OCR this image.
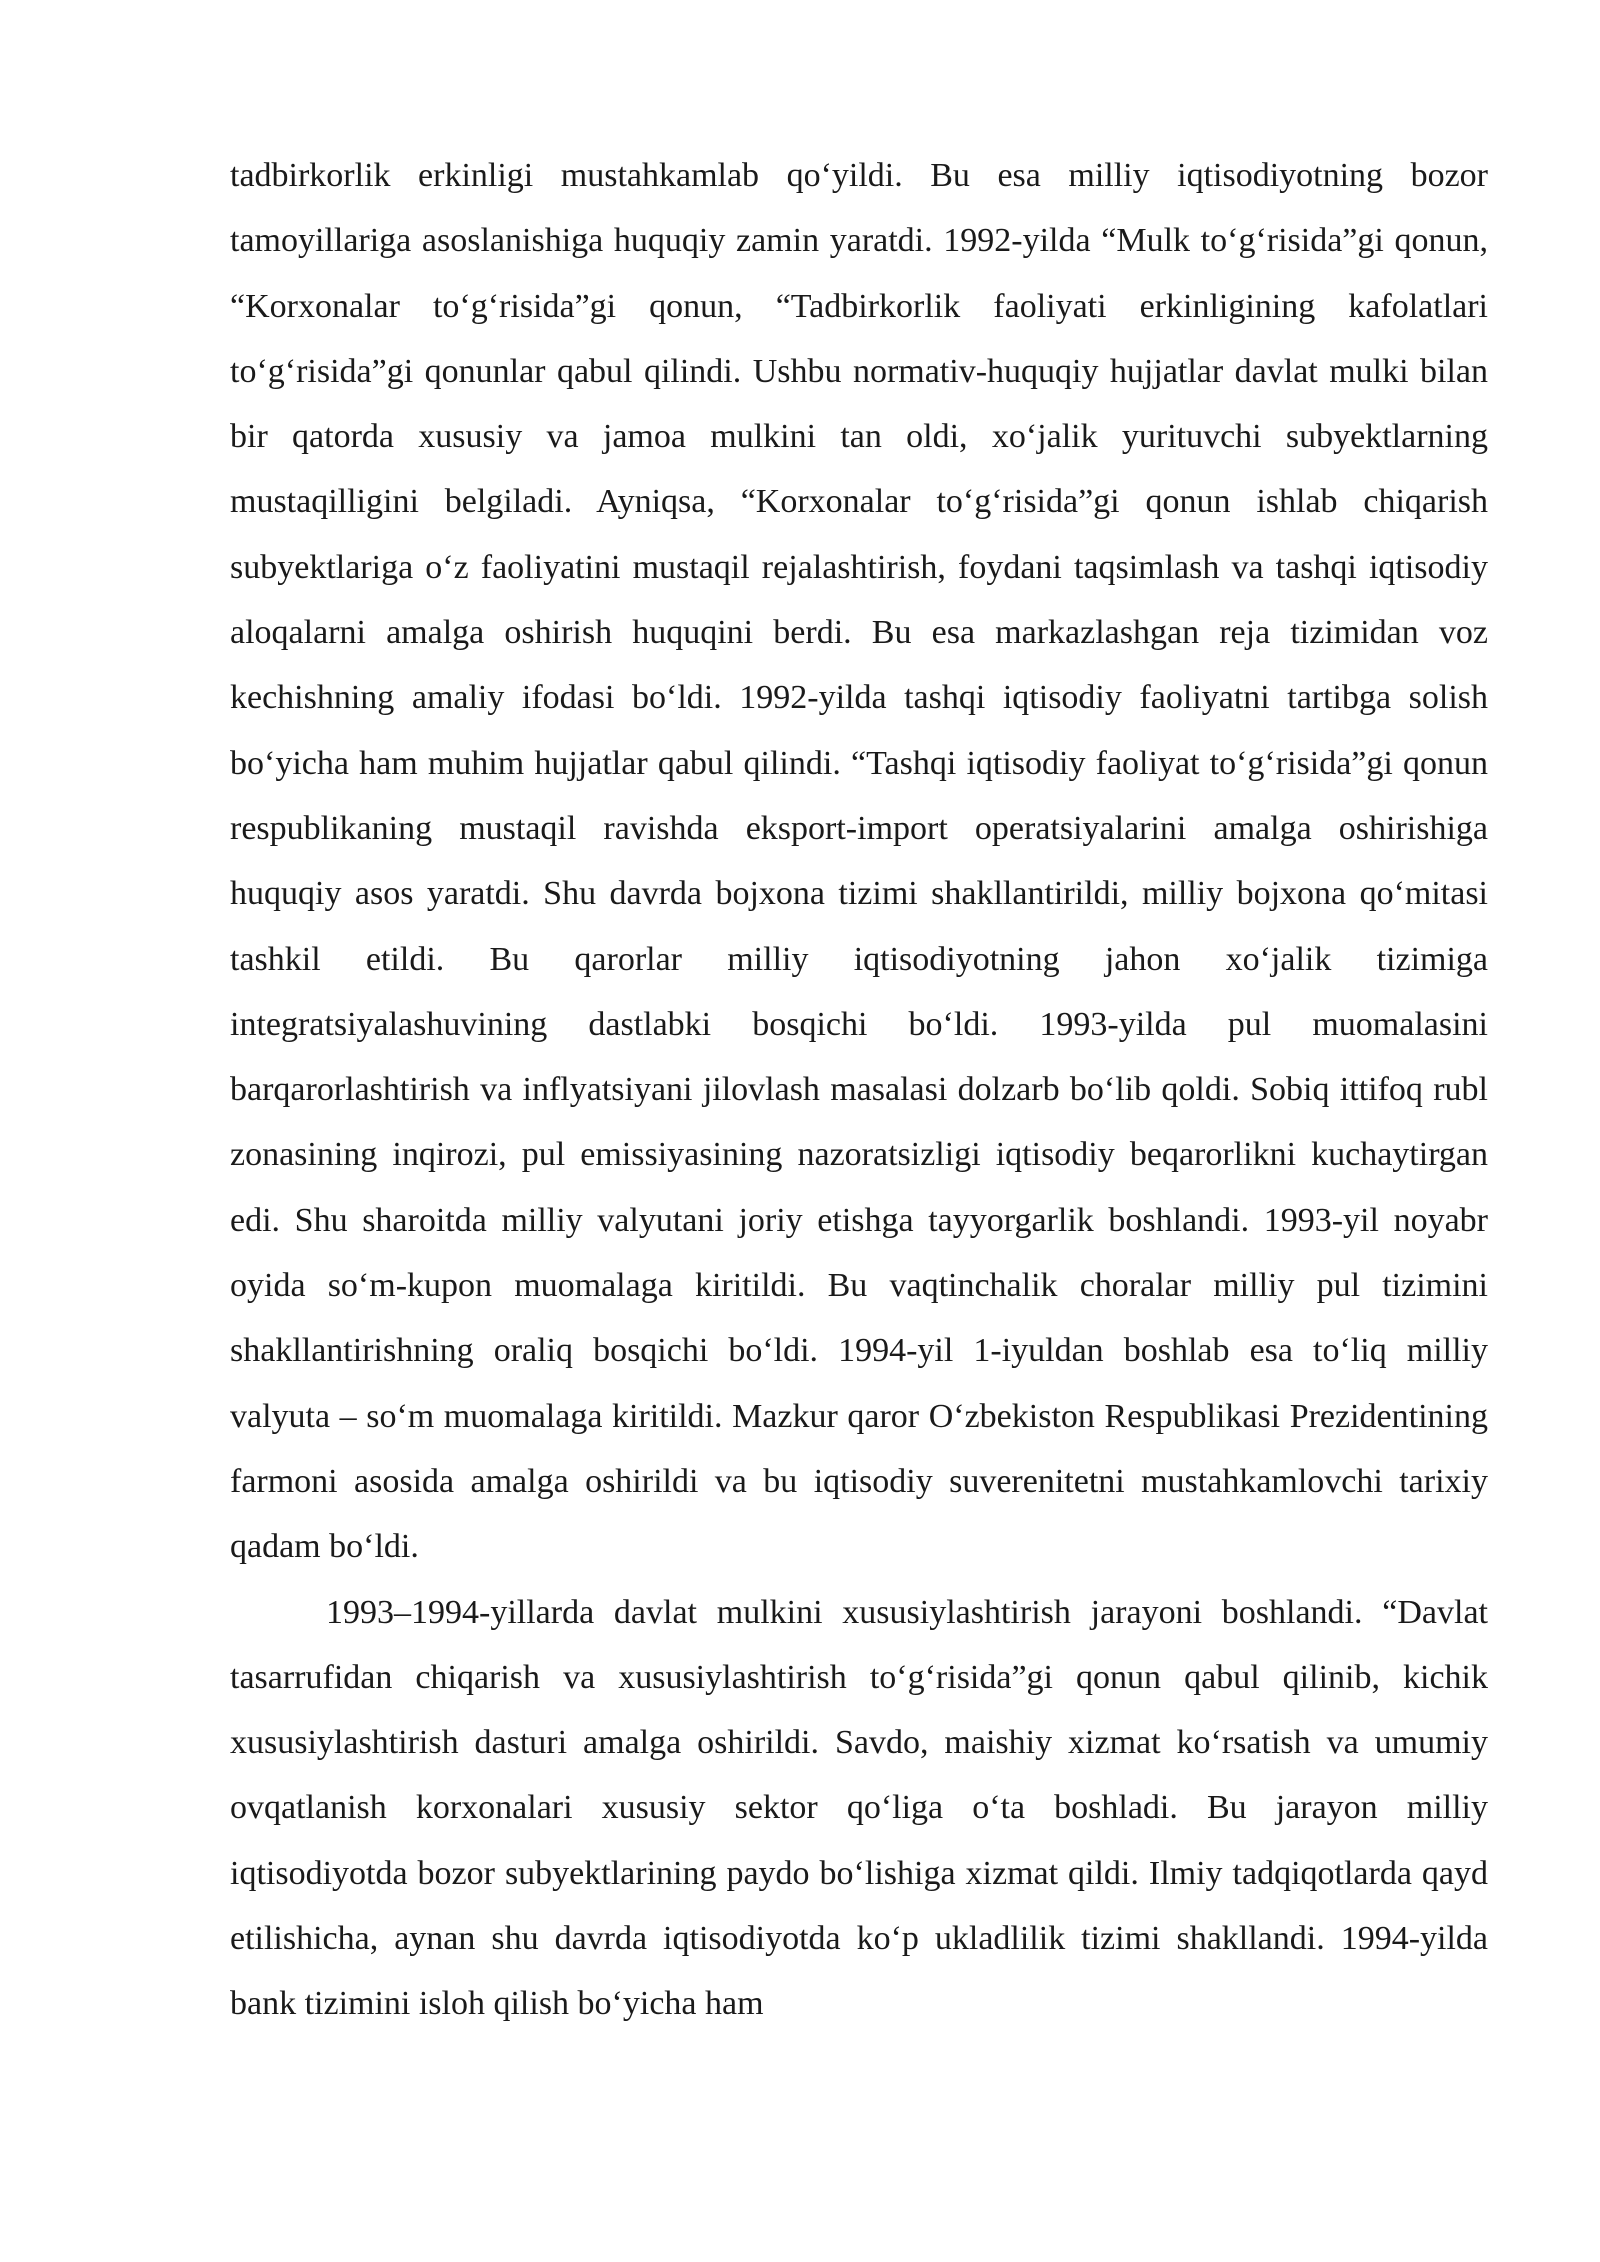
tadbirkorlik erkinligi mustahkamlab qo‘yildi. Bu esa milliy iqtisodiyotning bozor tamoyillariga asoslanishiga huquqiy zamin yaratdi. 1992-yilda “Mulk to‘g‘risida”gi qonun, “Korxonalar to‘g‘risida”gi qonun, “Tadbirkorlik faoliyati erkinligining kafolatlari to‘g‘risida”gi qonunlar qabul qilindi. Ushbu normativ-huquqiy hujjatlar davlat mulki bilan bir qatorda xususiy va jamoa mulkini tan oldi, xo‘jalik yurituvchi subyektlarning mustaqilligini belgiladi. Ayniqsa, “Korxonalar to‘g‘risida”gi qonun ishlab chiqarish subyektlariga o‘z faoliyatini mustaqil rejalashtirish, foydani taqsimlash va tashqi iqtisodiy aloqalarni amalga oshirish huquqini berdi. Bu esa markazlashgan reja tizimidan voz kechishning amaliy ifodasi bo‘ldi. 1992-yilda tashqi iqtisodiy faoliyatni tartibga solish bo‘yicha ham muhim hujjatlar qabul qilindi. “Tashqi iqtisodiy faoliyat to‘g‘risida”gi qonun respublikaning mustaqil ravishda eksport-import operatsiyalarini amalga oshirishiga huquqiy asos yaratdi. Shu davrda bojxona tizimi shakllantirildi, milliy bojxona qo‘mitasi tashkil etildi. Bu qarorlar milliy iqtisodiyotning jahon xo‘jalik tizimiga integratsiyalashuvining dastlabki bosqichi bo‘ldi. 1993-yilda pul muomalasini barqarorlashtirish va inflyatsiyani jilovlash masalasi dolzarb bo‘lib qoldi. Sobiq ittifoq rubl zonasining inqirozi, pul emissiyasining nazoratsizligi iqtisodiy beqarorlikni kuchaytirgan edi. Shu sharoitda milliy valyutani joriy etishga tayyorgarlik boshlandi. 1993-yil noyabr oyida so‘m-kupon muomalaga kiritildi. Bu vaqtinchalik choralar milliy pul tizimini shakllantirishning oraliq bosqichi bo‘ldi. 1994-yil 1-iyuldan boshlab esa to‘liq milliy valyuta – so‘m muomalaga kiritildi. Mazkur qaror O‘zbekiston Respublikasi Prezidentining farmoni asosida amalga oshirildi va bu iqtisodiy suverenitetni mustahkamlovchi tarixiy qadam bo‘ldi.

1993–1994-yillarda davlat mulkini xususiylashtirish jarayoni boshlandi. “Davlat tasarrufidan chiqarish va xususiylashtirish to‘g‘risida”gi qonun qabul qilinib, kichik xususiylashtirish dasturi amalga oshirildi. Savdo, maishiy xizmat ko‘rsatish va umumiy ovqatlanish korxonalari xususiy sektor qo‘liga o‘ta boshladi. Bu jarayon milliy iqtisodiyotda bozor subyektlarining paydo bo‘lishiga xizmat qildi. Ilmiy tadqiqotlarda qayd etilishicha, aynan shu davrda iqtisodiyotda ko‘p ukladlilik tizimi shakllandi. 1994-yilda bank tizimini isloh qilish bo‘yicha ham
